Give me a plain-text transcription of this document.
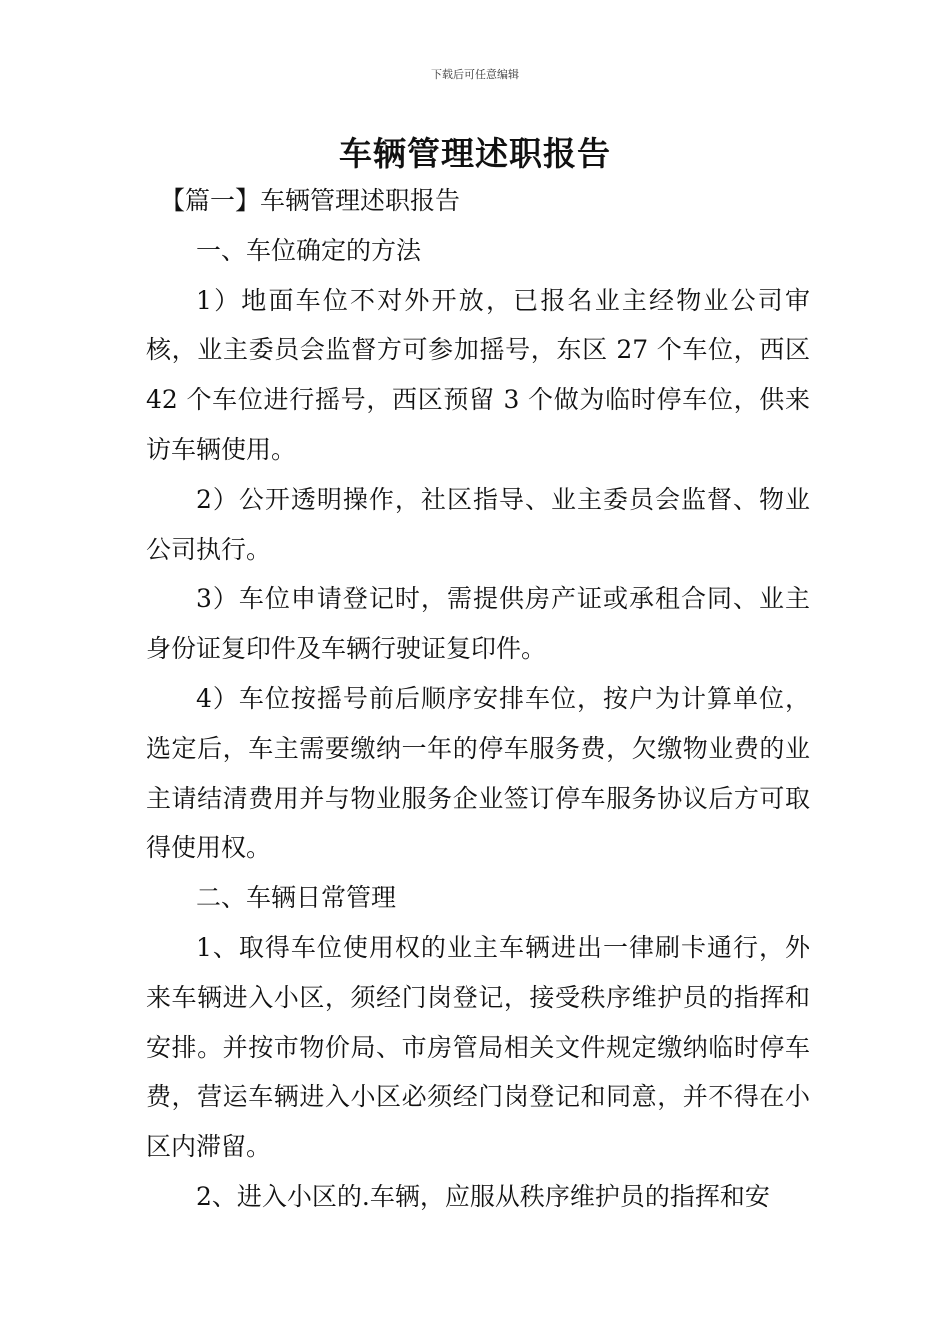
下载后可任意编辑
车辆管理述职报告

【篇一】车辆管理述职报告

一、车位确定的方法

1）地面车位不对外开放，已报名业主经物业公司审核，业主委员会监督方可参加摇号，东区 27 个车位，西区 42 个车位进行摇号，西区预留 3 个做为临时停车位，供来访车辆使用。

2）公开透明操作，社区指导、业主委员会监督、物业公司执行。

3）车位申请登记时，需提供房产证或承租合同、业主身份证复印件及车辆行驶证复印件。

4）车位按摇号前后顺序安排车位，按户为计算单位，选定后，车主需要缴纳一年的停车服务费，欠缴物业费的业主请结清费用并与物业服务企业签订停车服务协议后方可取得使用权。

二、车辆日常管理

1、取得车位使用权的业主车辆进出一律刷卡通行，外来车辆进入小区，须经门岗登记，接受秩序维护员的指挥和安排。并按市物价局、市房管局相关文件规定缴纳临时停车费，营运车辆进入小区必须经门岗登记和同意，并不得在小区内滞留。

2、进入小区的.车辆，应服从秩序维护员的指挥和安
